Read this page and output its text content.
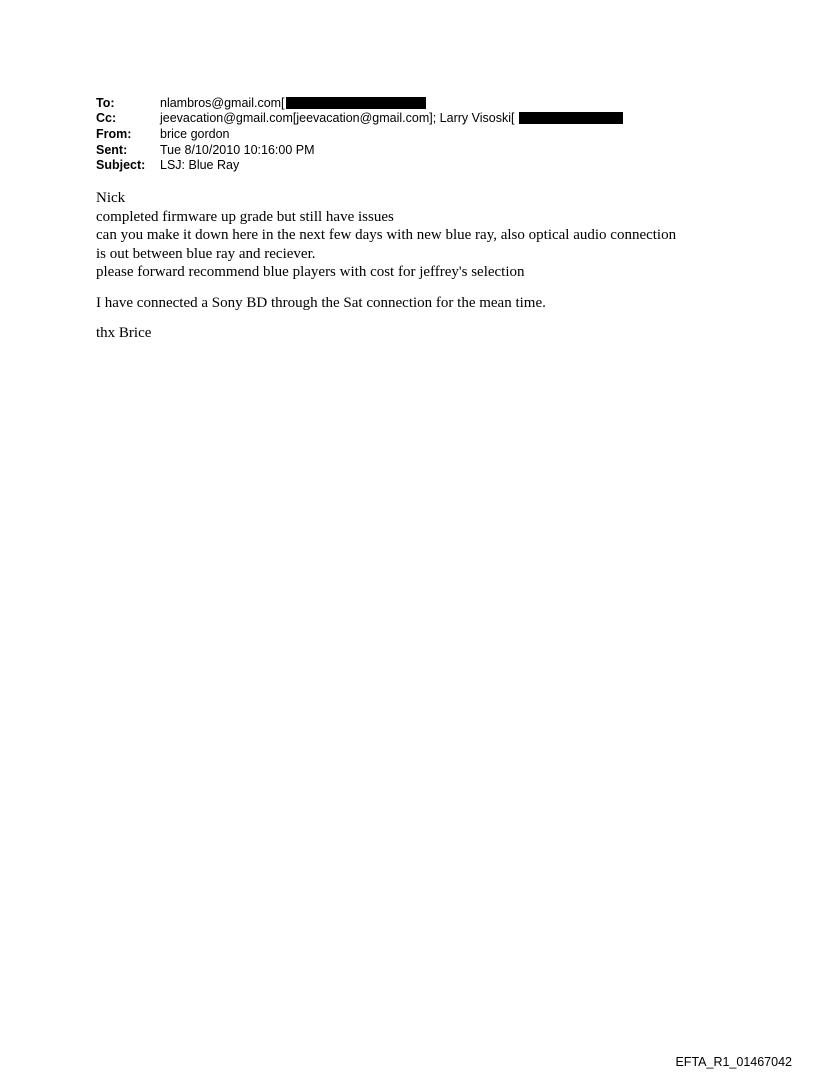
To:	nlambros@gmail.com[
Cc:	jeevacation@gmail.com[jeevacation@gmail.com]; Larry Visoski[
From:	brice gordon
Sent:	Tue 8/10/2010 10:16:00 PM
Subject:	LSJ: Blue Ray

Nick

completed firmware up grade but still have issues

can you make it down here in the next few days with new blue ray, also optical audio connection

is out between blue ray and reciever.

please forward recommend blue players with cost for jeffrey's selection

I have connected a Sony BD through the Sat connection for the mean time.

thx Brice

EFTA_R1_01467042
